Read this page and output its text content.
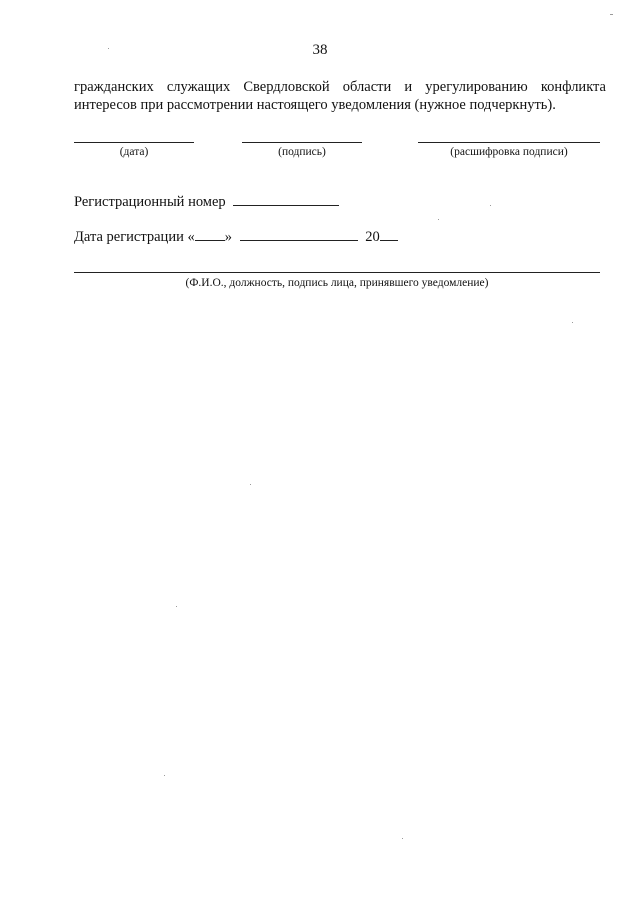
38
гражданских служащих Свердловской области и урегулированию конфликта
интересов при рассмотрении настоящего уведомления (нужное подчеркнуть).
(дата)	(подпись)	(расшифровка подписи)
Регистрационный номер
Дата регистрации « »	20
(Ф.И.О., должность, подпись лица, принявшего уведомление)
